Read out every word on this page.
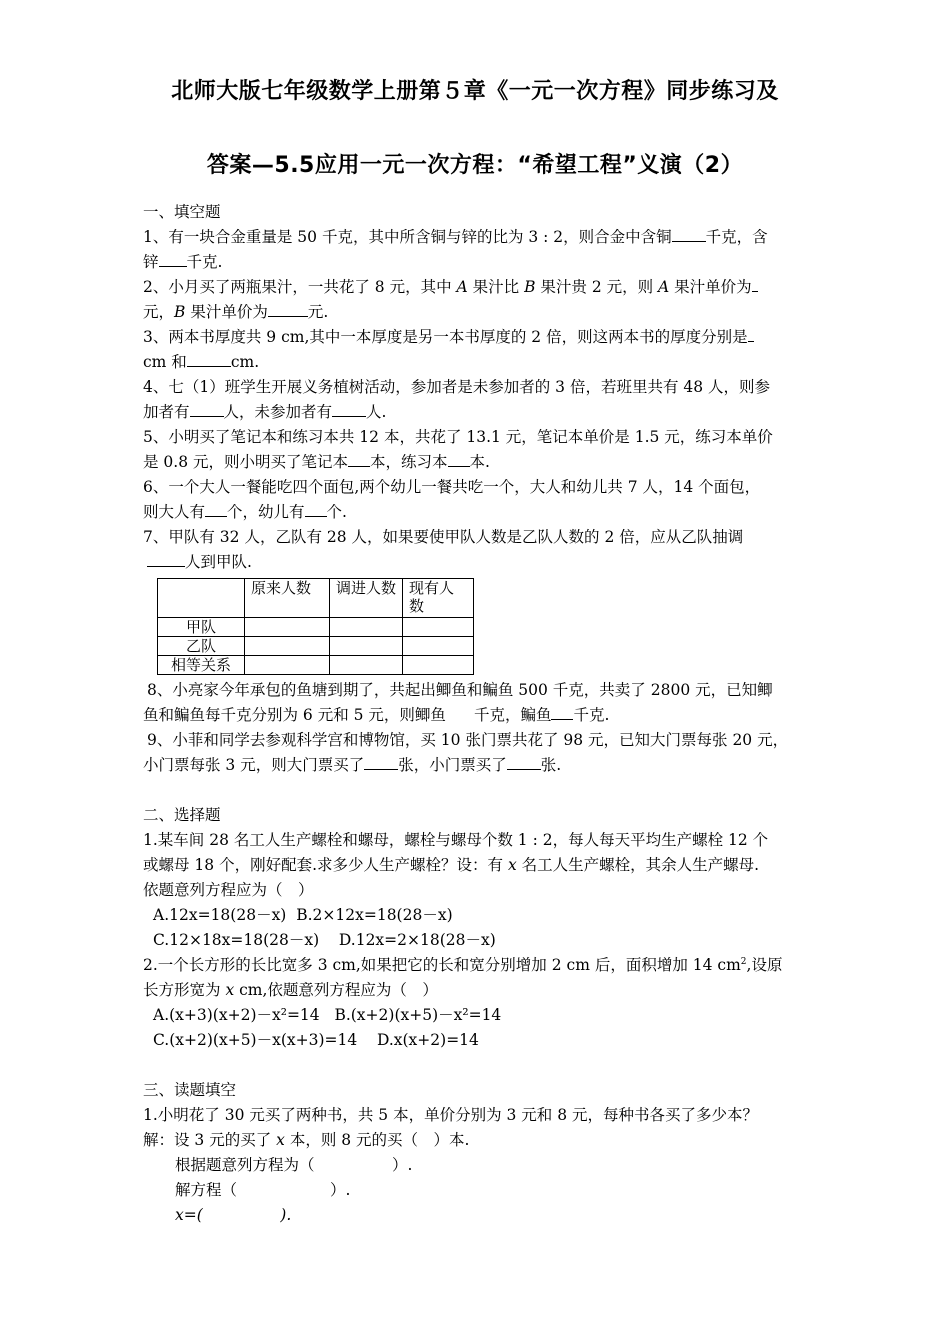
北师大版七年级数学上册第５章《一元一次方程》同步练习及
答案—5.5应用一元一次方程：“希望工程”义演（2）
一、填空题
1、有一块合金重量是 50 千克，其中所含铜与锌的比为 3 : 2，则合金中含铜 千克，含
锌 千克.
2、小月买了两瓶果汁，一共花了 8 元，其中 A 果汁比 B 果汁贵 2 元，则 A 果汁单价为
元，B 果汁单价为	元.
3、两本书厚度共 9 cm,其中一本厚度是另一本书厚度的 2 倍，则这两本书的厚度分别是
cm 和	cm.
4、七（1）班学生开展义务植树活动，参加者是未参加者的 3 倍，若班里共有 48 人，则参
加者有 人，未参加者有 人.
5、小明买了笔记本和练习本共 12 本，共花了 13.1 元，笔记本单价是 1.5 元，练习本单价
是 0.8 元，则小明买了笔记本 本，练习本 本.
6、一个大人一餐能吃四个面包,两个幼儿一餐共吃一个，大人和幼儿共 7 人，14 个面包，
则大人有 个，幼儿有 个.
7、甲队有 32 人，乙队有 28 人，如果要使甲队人数是乙队人数的 2 倍，应从乙队抽调
人到甲队.
	原来人数	调进人数	现有人数
甲队			
乙队			
相等关系			
8、小亮家今年承包的鱼塘到期了，共起出鲫鱼和鳊鱼 500 千克，共卖了 2800 元，已知鲫
鱼和鳊鱼每千克分别为 6 元和 5 元，则鲫鱼 千克，鳊鱼 千克.
9、小菲和同学去参观科学宫和博物馆，买 10 张门票共花了 98 元，已知大门票每张 20 元，
小门票每张 3 元，则大门票买了 张，小门票买了 张.
二、选择题
1.某车间 28 名工人生产螺栓和螺母，螺栓与螺母个数 1 : 2，每人每天平均生产螺栓 12 个
或螺母 18 个，刚好配套.求多少人生产螺栓？设：有 x 名工人生产螺栓，其余人生产螺母.
依题意列方程应为（　）
A.12x=18(28－x) B.2×12x=18(28－x)
C.12×18x=18(28－x) D.12x=2×18(28－x)
2.一个长方形的长比宽多 3 cm,如果把它的长和宽分别增加 2 cm 后，面积增加 14 $cm^2$,设原
长方形宽为 x cm,依题意列方程应为（　）
A.(x+3)(x+2)－x²=14 B.(x+2)(x+5)－x²=14
C.(x+2)(x+5)－x(x+3)=14 D.x(x+2)=14
三、读题填空
1.小明花了 30 元买了两种书，共 5 本，单价分别为 3 元和 8 元，每种书各买了多少本？
解：设 3 元的买了 x 本，则 8 元的买（　）本.
根据题意列方程为（　　　　　）.
解方程（　　　　　　）.
x=(　　　　　).
